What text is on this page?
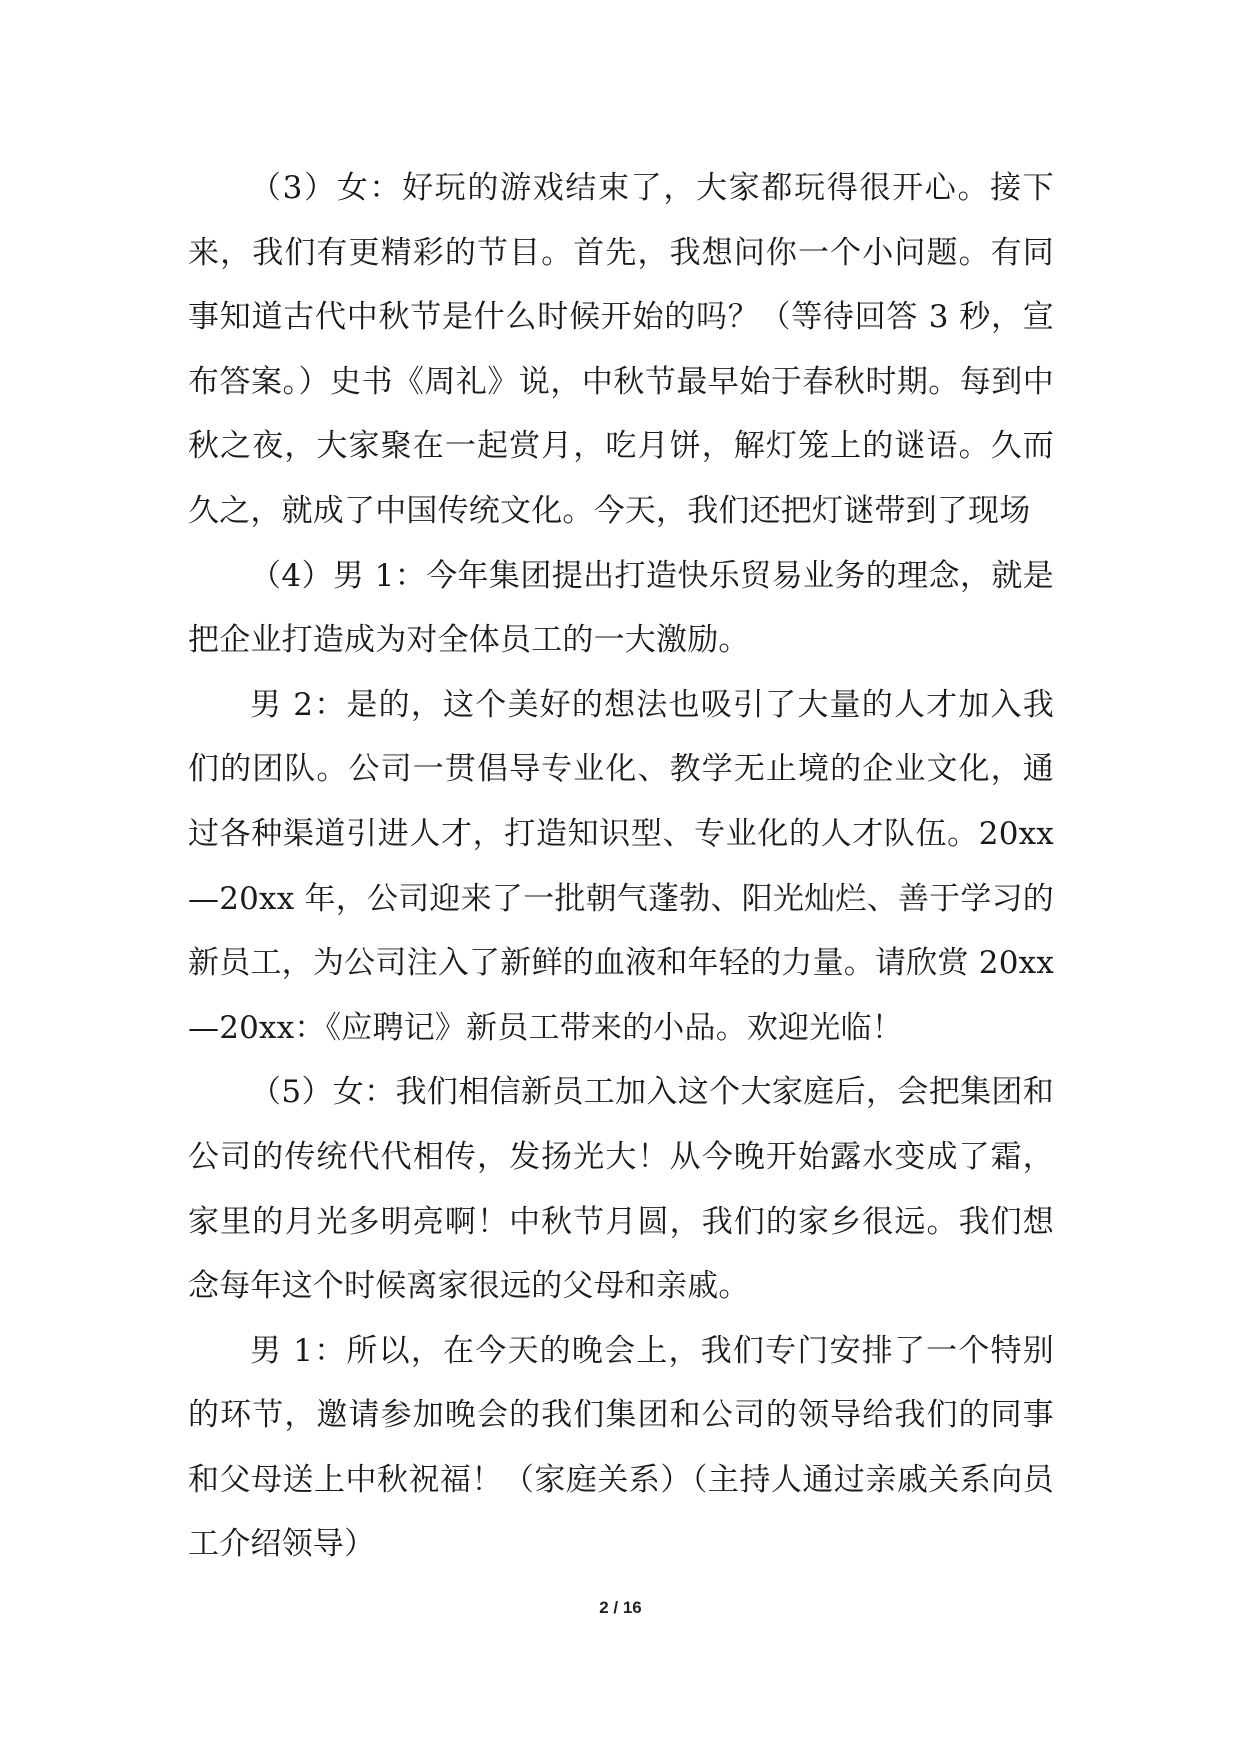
（3）女：好玩的游戏结束了，大家都玩得很开心。接下来，我们有更精彩的节目。首先，我想问你一个小问题。有同事知道古代中秋节是什么时候开始的吗？（等待回答 3 秒，宣布答案。）史书《周礼》说，中秋节最早始于春秋时期。每到中秋之夜，大家聚在一起赏月，吃月饼，解灯笼上的谜语。久而久之，就成了中国传统文化。今天，我们还把灯谜带到了现场

（4）男 1：今年集团提出打造快乐贸易业务的理念，就是把企业打造成为对全体员工的一大激励。

男 2：是的，这个美好的想法也吸引了大量的人才加入我们的团队。公司一贯倡导专业化、教学无止境的企业文化，通过各种渠道引进人才，打造知识型、专业化的人才队伍。20xx—20xx 年，公司迎来了一批朝气蓬勃、阳光灿烂、善于学习的新员工，为公司注入了新鲜的血液和年轻的力量。请欣赏 20xx—20xx：《应聘记》新员工带来的小品。欢迎光临！

（5）女：我们相信新员工加入这个大家庭后，会把集团和公司的传统代代相传，发扬光大！从今晚开始露水变成了霜，家里的月光多明亮啊！中秋节月圆，我们的家乡很远。我们想念每年这个时候离家很远的父母和亲戚。

男 1：所以，在今天的晚会上，我们专门安排了一个特别的环节，邀请参加晚会的我们集团和公司的领导给我们的同事和父母送上中秋祝福！（家庭关系）（主持人通过亲戚关系向员工介绍领导）

2 / 16
